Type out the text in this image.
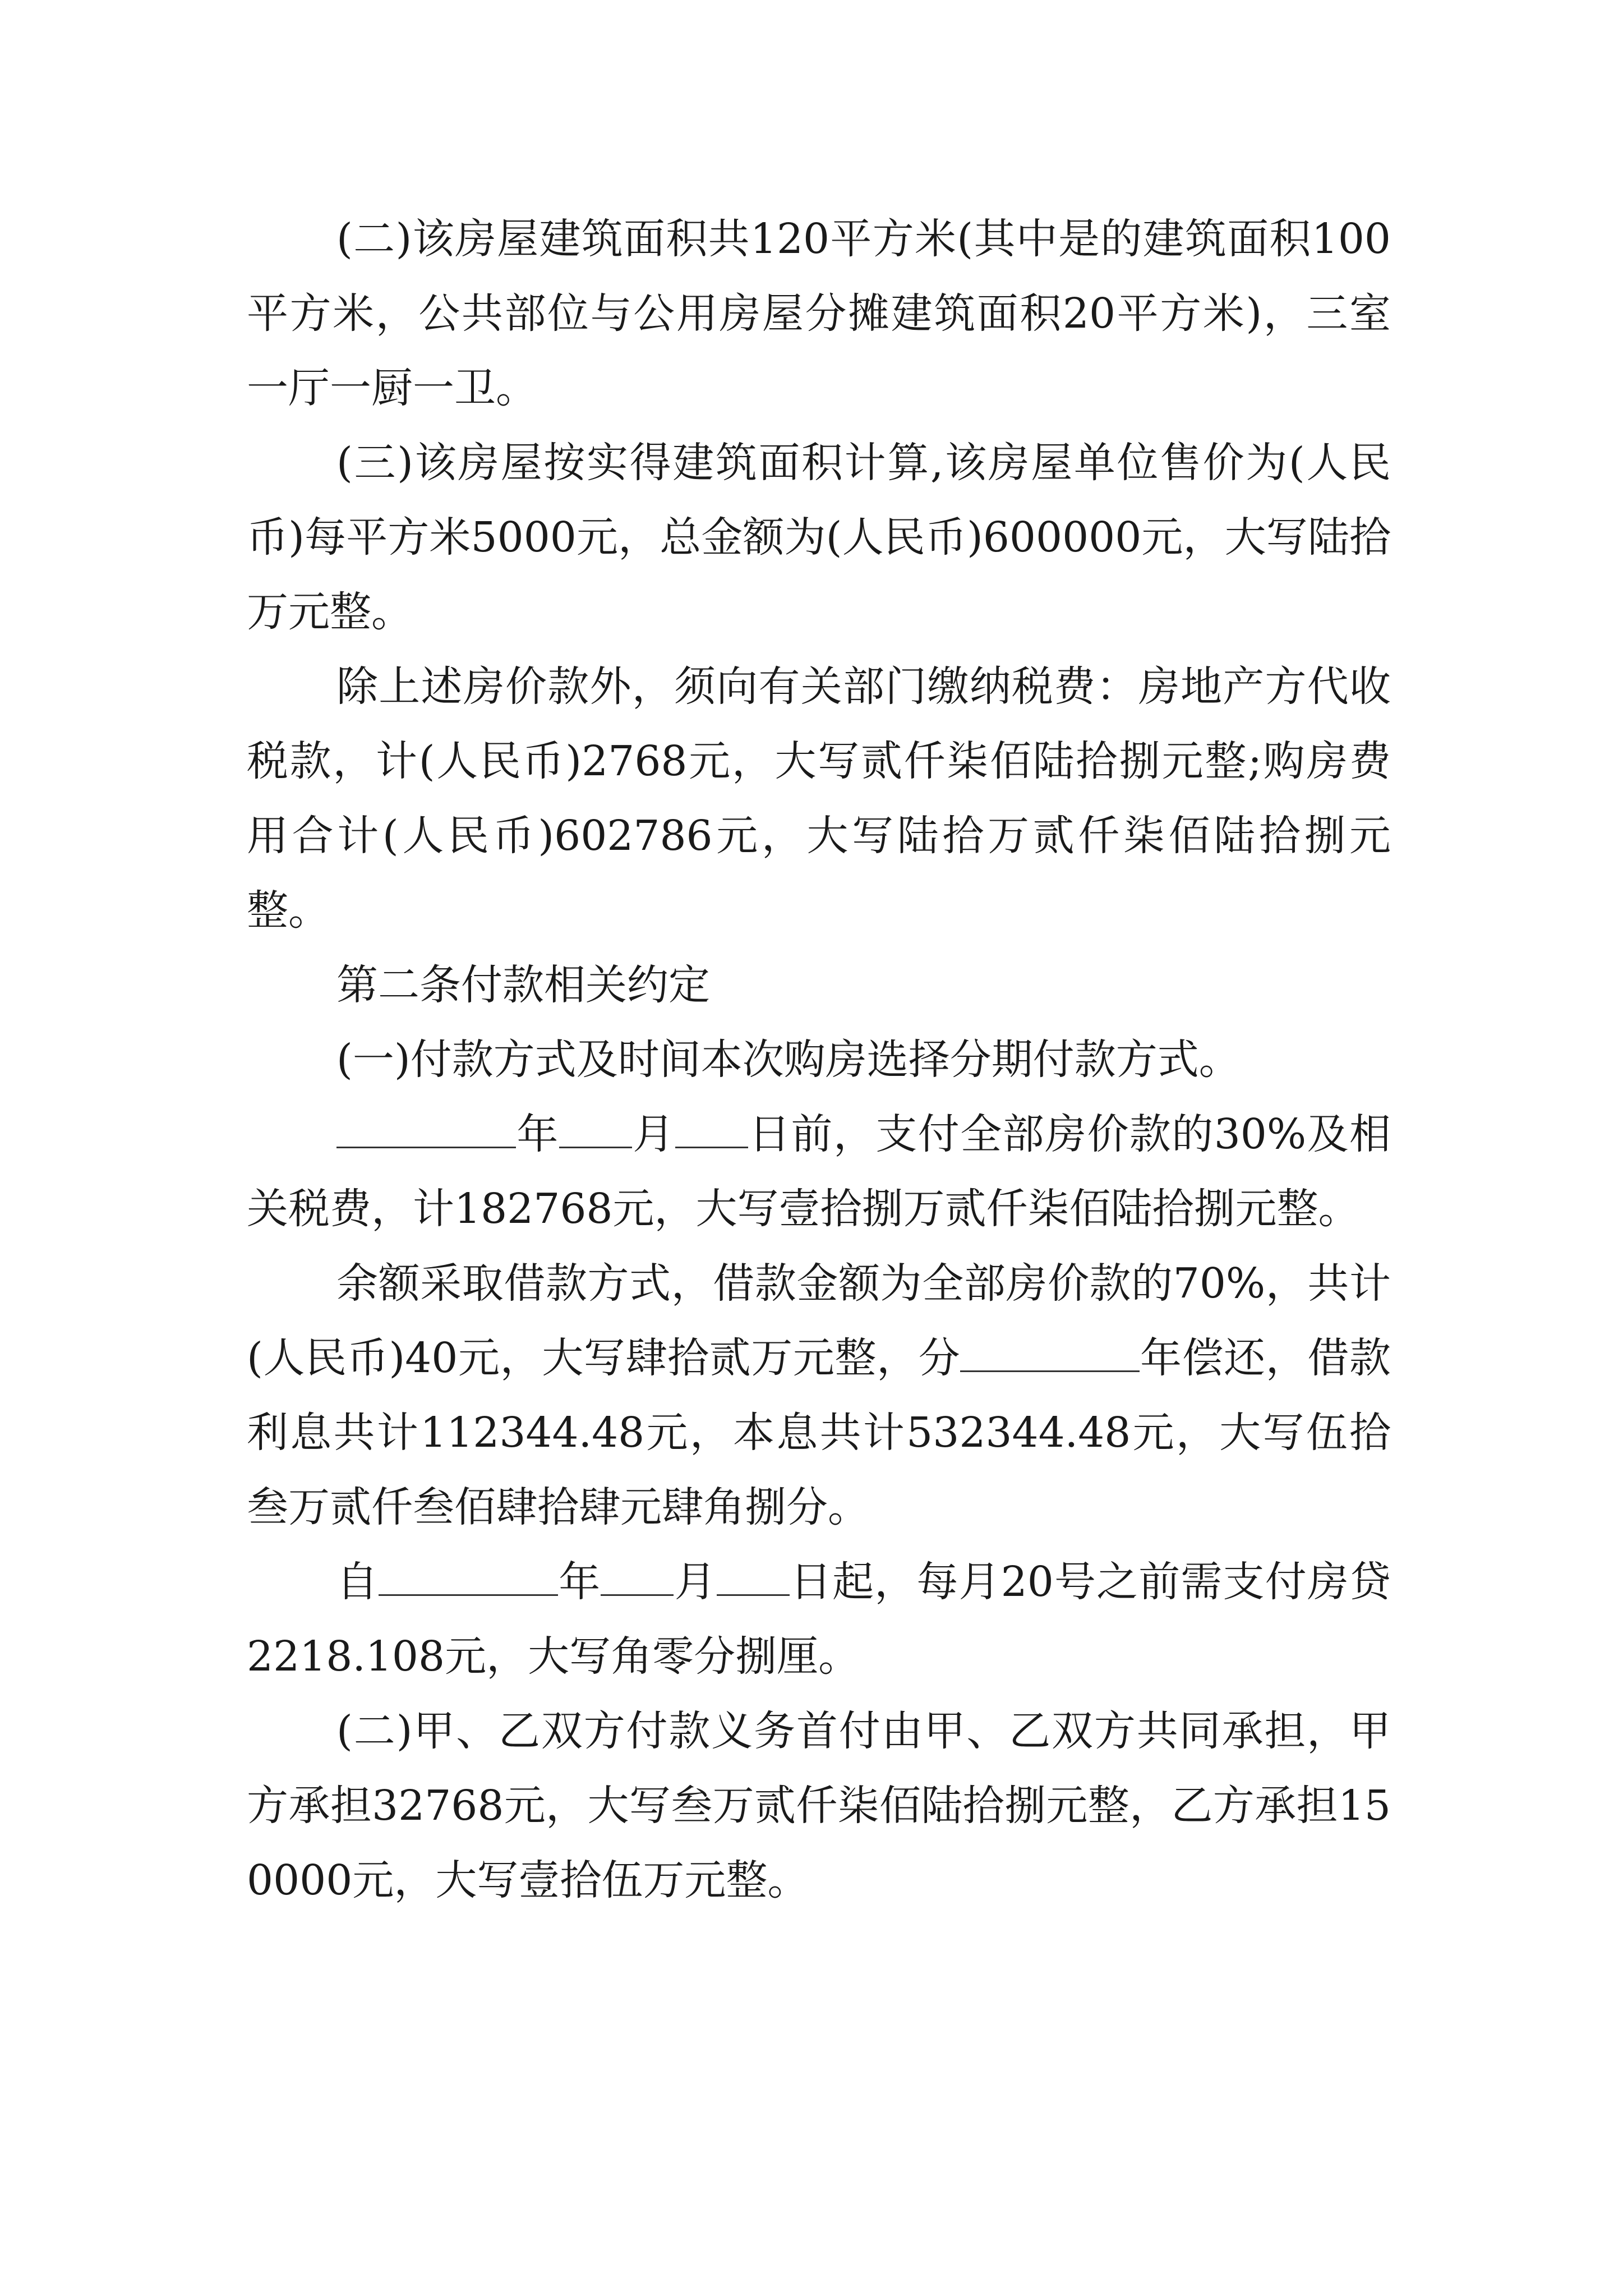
(二)该房屋建筑面积共120平方米(其中是的建筑面积100平方米，公共部位与公用房屋分摊建筑面积20平方米)，三室一厅一厨一卫。

(三)该房屋按实得建筑面积计算,该房屋单位售价为(人民币)每平方米5000元，总金额为(人民币)600000元，大写陆拾万元整。

除上述房价款外，须向有关部门缴纳税费：房地产方代收税款，计(人民币)2768元，大写贰仟柒佰陆拾捌元整;购房费用合计(人民币)602786元，大写陆拾万贰仟柒佰陆拾捌元整。

第二条付款相关约定

(一)付款方式及时间本次购房选择分期付款方式。

年 月 日前，支付全部房价款的30%及相关税费，计182768元，大写壹拾捌万贰仟柒佰陆拾捌元整。

余额采取借款方式，借款金额为全部房价款的70%，共计(人民币)40元，大写肆拾贰万元整，分	年偿还，借款利息共计112344.48元，本息共计532344.48元，大写伍拾叁万贰仟叁佰肆拾肆元肆角捌分。

自	年 月 日起，每月20号之前需支付房贷2218.108元，大写角零分捌厘。

(二)甲、乙双方付款义务首付由甲、乙双方共同承担，甲方承担32768元，大写叁万贰仟柒佰陆拾捌元整，乙方承担150000元，大写壹拾伍万元整。
